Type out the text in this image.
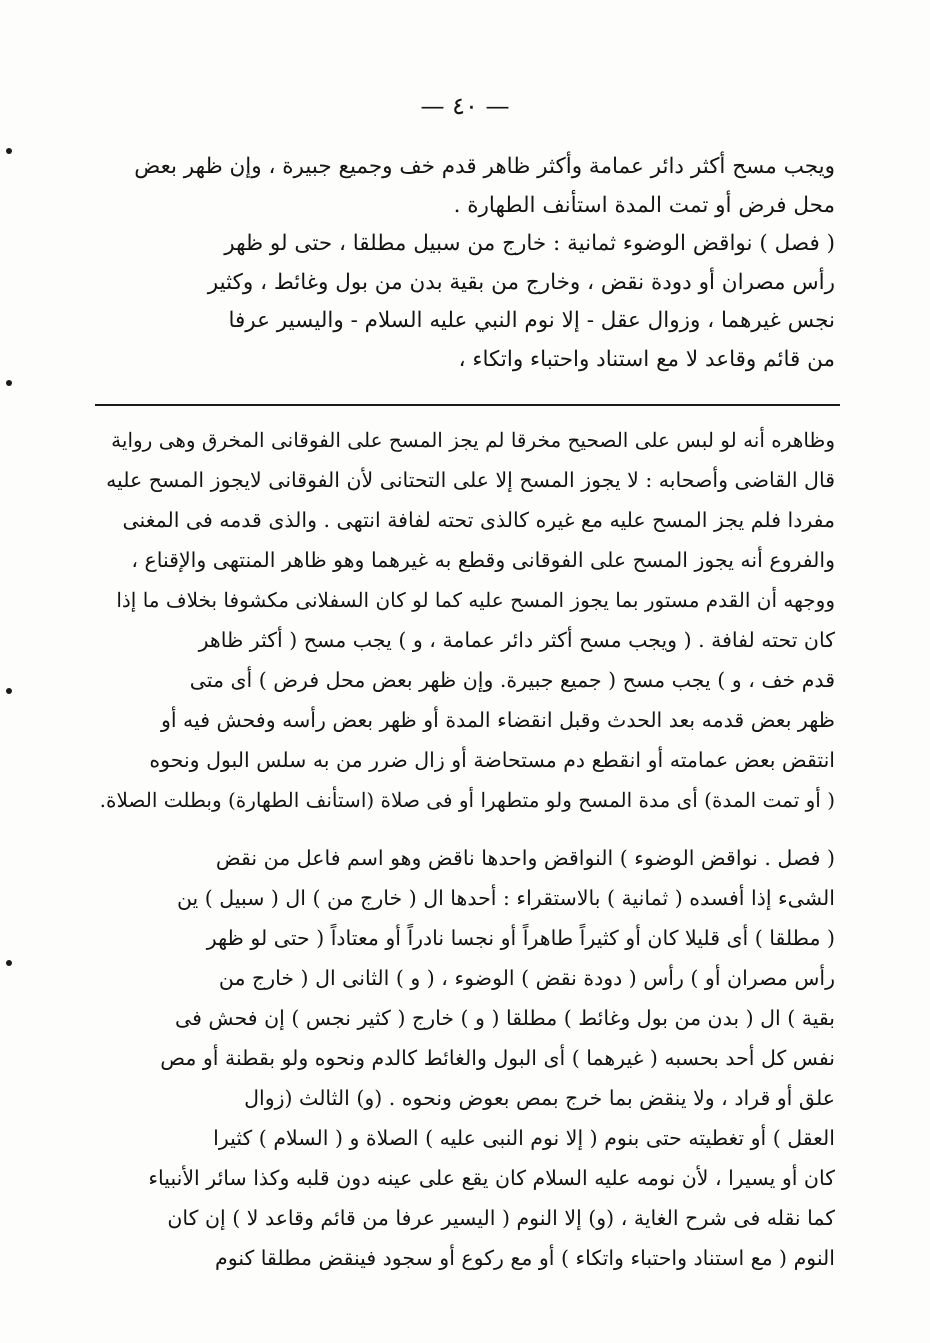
— ٤٠ —
ويجب مسح أكثر دائر عمامة وأكثر ظاهر قدم خف وجميع جبيرة ، وإن ظهر بعض
محل فرض أو تمت المدة استأنف الطهارة .
( فصل ) نواقض الوضوء ثمانية : خارج من سبيل مطلقا ، حتى لو ظهر
رأس مصران أو دودة نقض ، وخارج من بقية بدن من بول وغائط ، وكثير
نجس غيرهما ، وزوال عقل - إلا نوم النبي عليه السلام - واليسير عرفا
من قائم وقاعد لا مع استناد واحتباء واتكاء ،
وظاهره أنه لو لبس على الصحيح مخرقا لم يجز المسح على الفوقانى المخرق وهى رواية
قال القاضى وأصحابه : لا يجوز المسح إلا على التحتانى لأن الفوقانى لايجوز المسح عليه
مفردا فلم يجز المسح عليه مع غيره كالذى تحته لفافة انتهى . والذى قدمه فى المغنى
والفروع أنه يجوز المسح على الفوقانى وقطع به غيرهما وهو ظاهر المنتهى والإقناع ،
ووجهه أن القدم مستور بما يجوز المسح عليه كما لو كان السفلانى مكشوفا بخلاف ما إذا
كان تحته لفافة . ( ويجب مسح أكثر دائر عمامة ، و ) يجب مسح ( أكثر ظاهر
قدم خف ، و ) يجب مسح ( جميع جبيرة. وإن ظهر بعض محل فرض ) أى متى
ظهر بعض قدمه بعد الحدث وقبل انقضاء المدة أو ظهر بعض رأسه وفحش فيه أو
انتقض بعض عمامته أو انقطع دم مستحاضة أو زال ضرر من به سلس البول ونحوه
( أو تمت المدة) أى مدة المسح ولو متطهرا أو فى صلاة (استأنف الطهارة) وبطلت الصلاة.
( فصل . نواقض الوضوء ) النواقض واحدها ناقض وهو اسم فاعل من نقض
الشىء إذا أفسده ( ثمانية ) بالاستقراء : أحدها ال ( خارج من ) ال ( سبيل ) ين
( مطلقا ) أى قليلا كان أو كثيراً طاهراً أو نجسا نادراً أو معتاداً ( حتى لو ظهر
رأس مصران أو ) رأس ( دودة نقض ) الوضوء ، ( و ) الثانى ال ( خارج من
بقية ) ال ( بدن من بول وغائط ) مطلقا ( و ) خارج ( كثير نجس ) إن فحش فى
نفس كل أحد بحسبه ( غيرهما ) أى البول والغائط كالدم ونحوه ولو بقطنة أو مص
علق أو قراد ، ولا ينقض بما خرج بمص بعوض ونحوه . (و) الثالث (زوال
العقل ) أو تغطيته حتى بنوم ( إلا نوم النبى عليه ) الصلاة و ( السلام ) كثيرا
كان أو يسيرا ، لأن نومه عليه السلام كان يقع على عينه دون قلبه وكذا سائر الأنبياء
كما نقله فى شرح الغاية ، (و) إلا النوم ( اليسير عرفا من قائم وقاعد لا ) إن كان
النوم ( مع استناد واحتباء واتكاء ) أو مع ركوع أو سجود فينقض مطلقا كنوم
